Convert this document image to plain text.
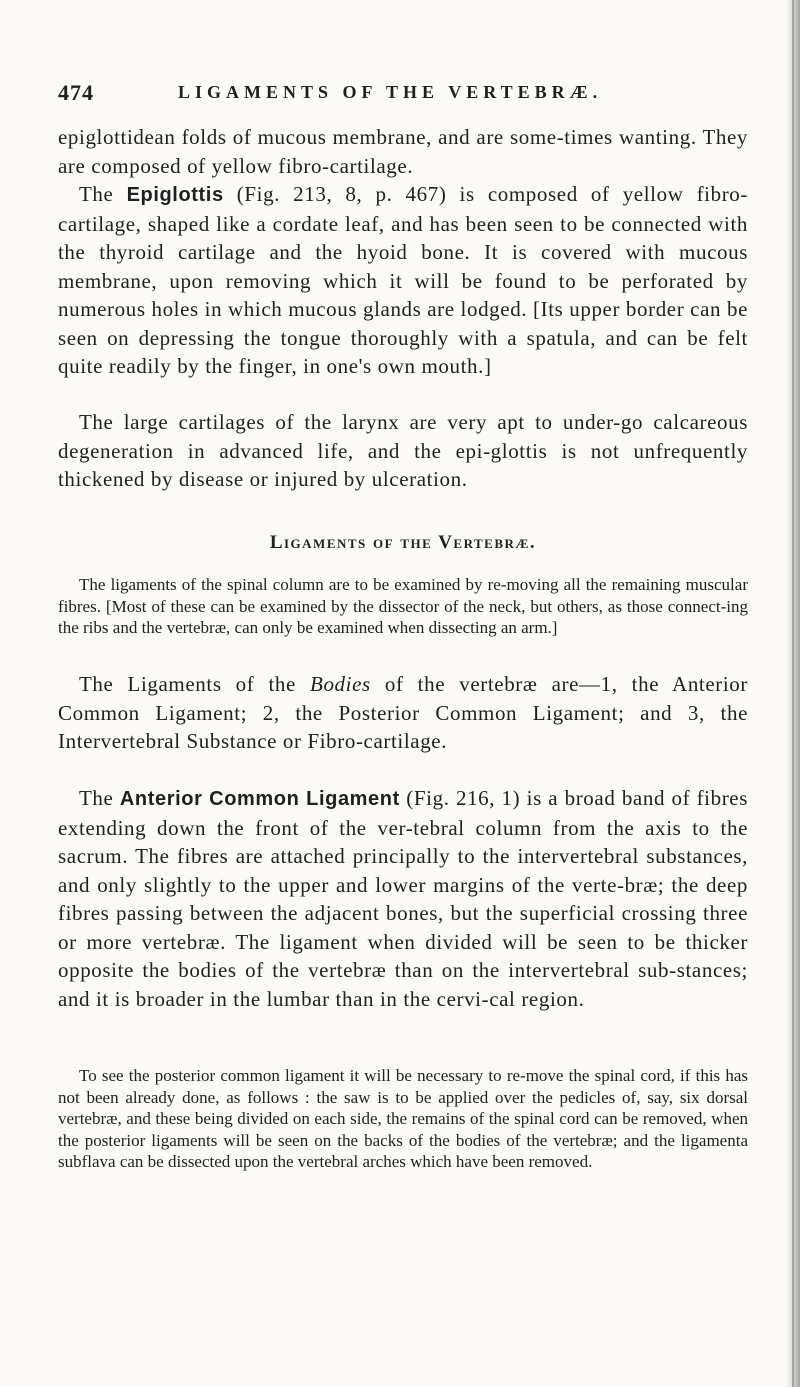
474	LIGAMENTS OF THE VERTEBRÆ.

epiglottidean folds of mucous membrane, and are some-times wanting. They are composed of yellow fibro-cartilage.

The Epiglottis (Fig. 213, 8, p. 467) is composed of yellow fibro-cartilage, shaped like a cordate leaf, and has been seen to be connected with the thyroid cartilage and the hyoid bone. It is covered with mucous membrane, upon removing which it will be found to be perforated by numerous holes in which mucous glands are lodged. [Its upper border can be seen on depressing the tongue thoroughly with a spatula, and can be felt quite readily by the finger, in one's own mouth.]

The large cartilages of the larynx are very apt to under-go calcareous degeneration in advanced life, and the epi-glottis is not unfrequently thickened by disease or injured by ulceration.

Ligaments of the Vertebræ.

The ligaments of the spinal column are to be examined by re-moving all the remaining muscular fibres. [Most of these can be examined by the dissector of the neck, but others, as those connect-ing the ribs and the vertebræ, can only be examined when dissecting an arm.]

The Ligaments of the Bodies of the vertebræ are—1, the Anterior Common Ligament; 2, the Posterior Common Ligament; and 3, the Intervertebral Substance or Fibro-cartilage.

The Anterior Common Ligament (Fig. 216, 1) is a broad band of fibres extending down the front of the ver-tebral column from the axis to the sacrum. The fibres are attached principally to the intervertebral substances, and only slightly to the upper and lower margins of the verte-bræ; the deep fibres passing between the adjacent bones, but the superficial crossing three or more vertebræ. The ligament when divided will be seen to be thicker opposite the bodies of the vertebræ than on the intervertebral sub-stances; and it is broader in the lumbar than in the cervi-cal region.

To see the posterior common ligament it will be necessary to re-move the spinal cord, if this has not been already done, as follows : the saw is to be applied over the pedicles of, say, six dorsal vertebræ, and these being divided on each side, the remains of the spinal cord can be removed, when the posterior ligaments will be seen on the backs of the bodies of the vertebræ; and the ligamenta subflava can be dissected upon the vertebral arches which have been removed.
